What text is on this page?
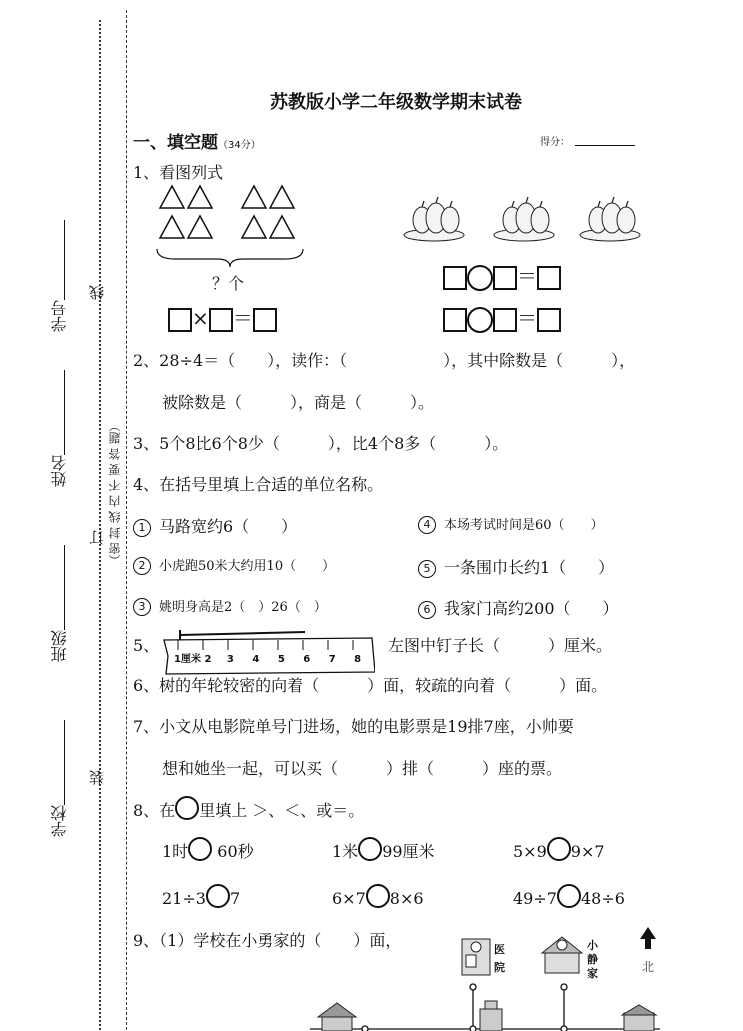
学号
姓名
班级
学校
线
订
装
（密 封 线 内 不 要 答 题）
苏教版小学二年级数学期末试卷
一、填空题（34分）	得分：
1、看图列式
？个
× ＝
＝
＝
2、28÷4＝（　　），读作：（　　　　　　），其中除数是（　　　），
被除数是（　　　），商是（　　　）。
3、5个8比6个8少（　　　），比4个8多（　　　）。
4、在括号里填上合适的单位名称。
1 马路宽约6（　　）	4 本场考试时间是60（　　）
2 小虎跑50米大约用10（　　）	5 一条围巾长约1（　　）
3 姚明身高是2（　）26（　）	6 我家门高约200（　　）
5、
1厘米 2 3 4 5 6 7 8
左图中钉子长（　　　）厘米。
6、树的年轮较密的向着（　　　）面，较疏的向着（　　　）面。
7、小文从电影院单号门进场，她的电影票是19排7座，小帅要
想和她坐一起，可以买（　　　）排（　　　）座的票。
8、在 里填上 ＞、＜、或＝。
1时 60秒	1米 99厘米	5×9 9×7
21÷3 7	6×7 8×6	49÷7 48÷6
9、（1）学校在小勇家的（　　）面，	医院
小静家	北
